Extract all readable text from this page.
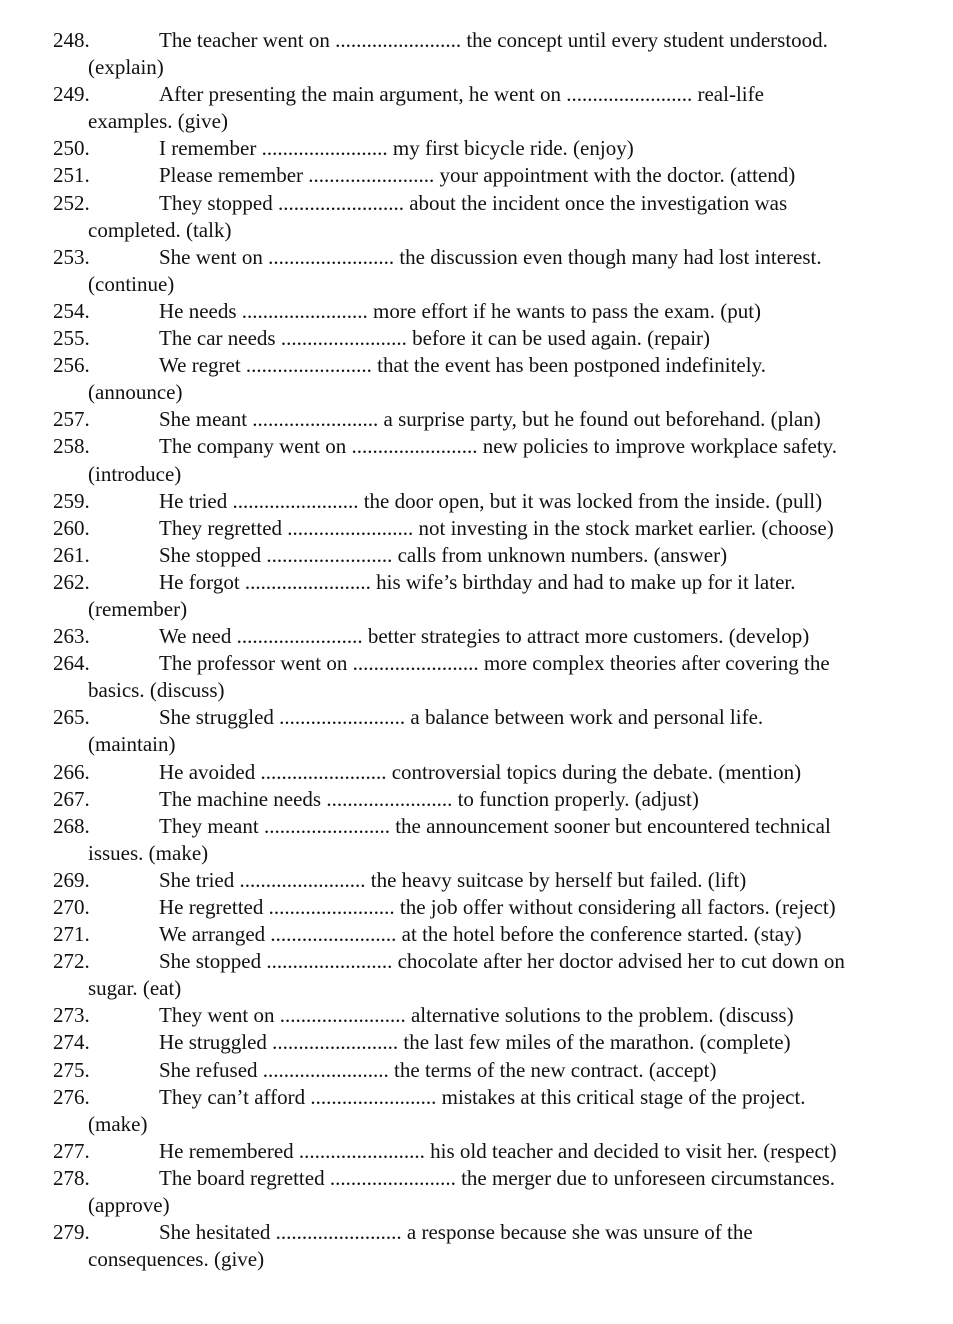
248.	The teacher went on ........................ the concept until every student understood.
(explain)
249.	After presenting the main argument, he went on ........................ real-life
examples. (give)
250.	I remember ........................ my first bicycle ride. (enjoy)
251.	Please remember ........................ your appointment with the doctor. (attend)
252.	They stopped ........................ about the incident once the investigation was
completed. (talk)
253.	She went on ........................ the discussion even though many had lost interest.
(continue)
254.	He needs ........................ more effort if he wants to pass the exam. (put)
255.	The car needs ........................ before it can be used again. (repair)
256.	We regret ........................ that the event has been postponed indefinitely.
(announce)
257.	She meant ........................ a surprise party, but he found out beforehand. (plan)
258.	The company went on ........................ new policies to improve workplace safety.
(introduce)
259.	He tried ........................ the door open, but it was locked from the inside. (pull)
260.	They regretted ........................ not investing in the stock market earlier. (choose)
261.	She stopped ........................ calls from unknown numbers. (answer)
262.	He forgot ........................ his wife’s birthday and had to make up for it later.
(remember)
263.	We need ........................ better strategies to attract more customers. (develop)
264.	The professor went on ........................ more complex theories after covering the
basics. (discuss)
265.	She struggled ........................ a balance between work and personal life.
(maintain)
266.	He avoided ........................ controversial topics during the debate. (mention)
267.	The machine needs ........................ to function properly. (adjust)
268.	They meant ........................ the announcement sooner but encountered technical
issues. (make)
269.	She tried ........................ the heavy suitcase by herself but failed. (lift)
270.	He regretted ........................ the job offer without considering all factors. (reject)
271.	We arranged ........................ at the hotel before the conference started. (stay)
272.	She stopped ........................ chocolate after her doctor advised her to cut down on
sugar. (eat)
273.	They went on ........................ alternative solutions to the problem. (discuss)
274.	He struggled ........................ the last few miles of the marathon. (complete)
275.	She refused ........................ the terms of the new contract. (accept)
276.	They can’t afford ........................ mistakes at this critical stage of the project.
(make)
277.	He remembered ........................ his old teacher and decided to visit her. (respect)
278.	The board regretted ........................ the merger due to unforeseen circumstances.
(approve)
279.	She hesitated ........................ a response because she was unsure of the
consequences. (give)
